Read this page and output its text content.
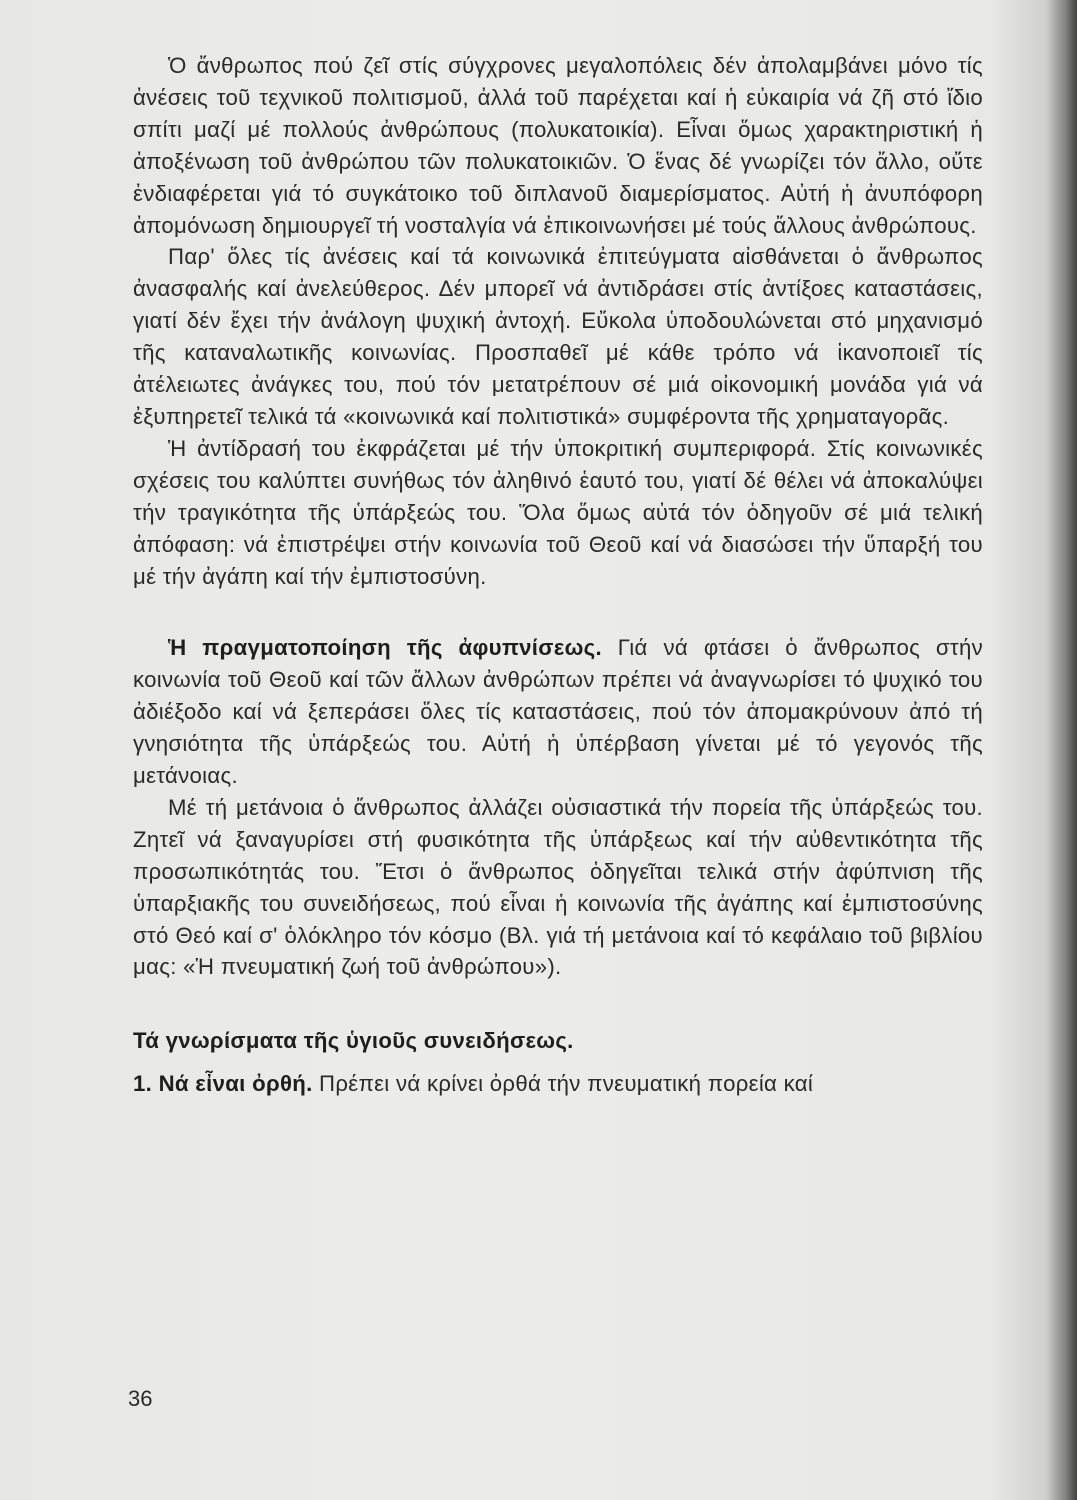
Ὁ ἄνθρωπος πού ζεῖ στίς σύγχρονες μεγαλοπόλεις δέν ἀπολαμβάνει μόνο τίς ἀνέσεις τοῦ τεχνικοῦ πολιτισμοῦ, ἀλλά τοῦ παρέχεται καί ἡ εὐκαιρία νά ζῆ στό ἴδιο σπίτι μαζί μέ πολλούς ἀνθρώπους (πολυκατοικία). Εἶναι ὅμως χαρακτηριστική ἡ ἀποξένωση τοῦ ἀνθρώπου τῶν πολυκατοικιῶν. Ὁ ἕνας δέ γνωρίζει τόν ἄλλο, οὔτε ἐνδιαφέρεται γιά τό συγκάτοικο τοῦ διπλανοῦ διαμερίσματος. Αὐτή ἡ ἀνυπόφορη ἀπομόνωση δημιουργεῖ τή νοσταλγία νά ἐπικοινωνήσει μέ τούς ἄλλους ἀνθρώπους.

Παρ' ὅλες τίς ἀνέσεις καί τά κοινωνικά ἐπιτεύγματα αἰσθάνεται ὁ ἄνθρωπος ἀνασφαλής καί ἀνελεύθερος. Δέν μπορεῖ νά ἀντιδράσει στίς ἀντίξοες καταστάσεις, γιατί δέν ἔχει τήν ἀνάλογη ψυχική ἀντοχή. Εὔκολα ὑποδουλώνεται στό μηχανισμό τῆς καταναλωτικῆς κοινωνίας. Προσπαθεῖ μέ κάθε τρόπο νά ἱκανοποιεῖ τίς ἀτέλειωτες ἀνάγκες του, πού τόν μετατρέπουν σέ μιά οἰκονομική μονάδα γιά νά ἐξυπηρετεῖ τελικά τά «κοινωνικά καί πολιτιστικά» συμφέροντα τῆς χρηματαγορᾶς.

Ἡ ἀντίδρασή του ἐκφράζεται μέ τήν ὑποκριτική συμπεριφορά. Στίς κοινωνικές σχέσεις του καλύπτει συνήθως τόν ἀληθινό ἑαυτό του, γιατί δέ θέλει νά ἀποκαλύψει τήν τραγικότητα τῆς ὑπάρξεώς του. Ὅλα ὅμως αὐτά τόν ὁδηγοῦν σέ μιά τελική ἀπόφαση: νά ἐπιστρέψει στήν κοινωνία τοῦ Θεοῦ καί νά διασώσει τήν ὕπαρξή του μέ τήν ἀγάπη καί τήν ἐμπιστοσύνη.

Ἡ πραγματοποίηση τῆς ἀφυπνίσεως. Γιά νά φτάσει ὁ ἄνθρωπος στήν κοινωνία τοῦ Θεοῦ καί τῶν ἄλλων ἀνθρώπων πρέπει νά ἀναγνωρίσει τό ψυχικό του ἀδιέξοδο καί νά ξεπεράσει ὅλες τίς καταστάσεις, πού τόν ἀπομακρύνουν ἀπό τή γνησιότητα τῆς ὑπάρξεώς του. Αὐτή ἡ ὑπέρβαση γίνεται μέ τό γεγονός τῆς μετάνοιας.

Μέ τή μετάνοια ὁ ἄνθρωπος ἀλλάζει οὐσιαστικά τήν πορεία τῆς ὑπάρξεώς του. Ζητεῖ νά ξαναγυρίσει στή φυσικότητα τῆς ὑπάρξεως καί τήν αὐθεντικότητα τῆς προσωπικότητάς του. Ἔτσι ὁ ἄνθρωπος ὁδηγεῖται τελικά στήν ἀφύπνιση τῆς ὑπαρξιακῆς του συνειδήσεως, πού εἶναι ἡ κοινωνία τῆς ἀγάπης καί ἐμπιστοσύνης στό Θεό καί σ' ὁλόκληρο τόν κόσμο (Βλ. γιά τή μετάνοια καί τό κεφάλαιο τοῦ βιβλίου μας: «Ἡ πνευματική ζωή τοῦ ἀνθρώπου»).

Τά γνωρίσματα τῆς ὑγιοῦς συνειδήσεως.

1. Νά εἶναι ὀρθή. Πρέπει νά κρίνει ὀρθά τήν πνευματική πορεία καί

36
